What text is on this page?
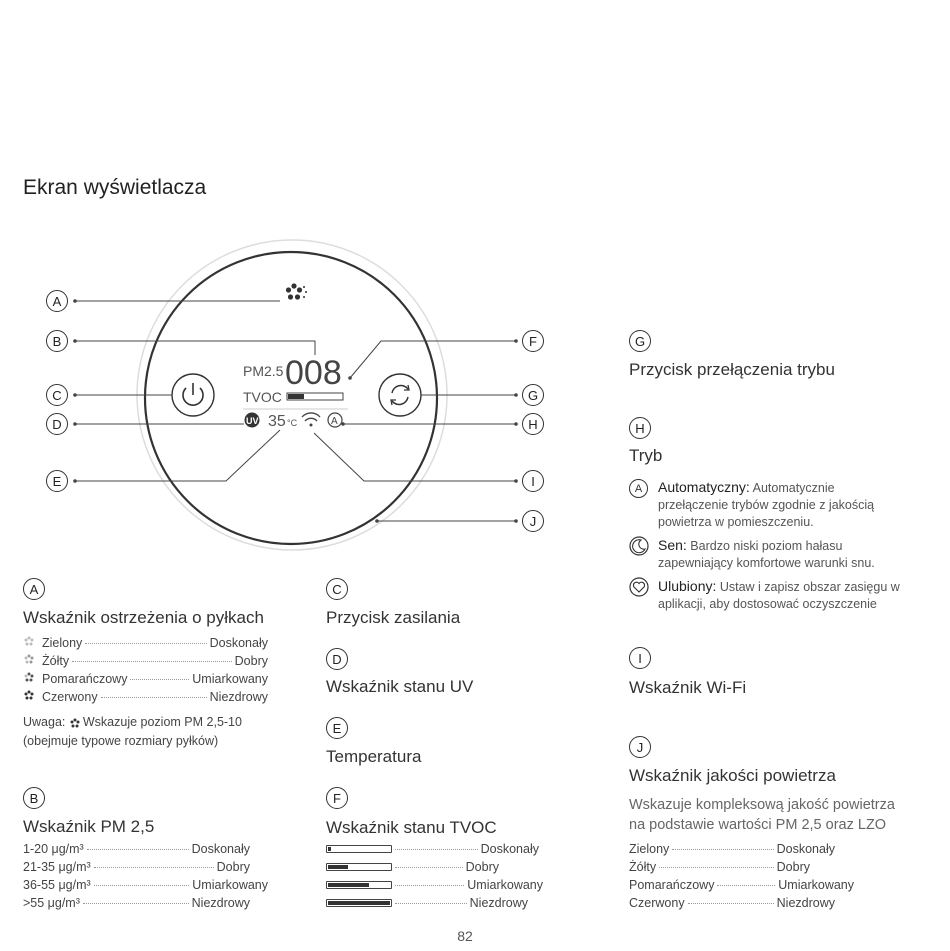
Ekran wyświetlacza
PM2.5 008
TVOC
UV 35 °C	A
A
B
C
D
E
F
G
H
I
J
A
Wskaźnik ostrzeżenia o pyłkach
Zielony	Doskonały
Żółty	Dobry
Pomarańczowy	Umiarkowany
Czerwony	Niezdrowy
Uwaga: Wskazuje poziom PM 2,5-10
(obejmuje typowe rozmiary pyłków)
B
Wskaźnik PM 2,5
1-20 μg/m³	Doskonały
21-35 μg/m³	Dobry
36-55 μg/m³	Umiarkowany
>55 μg/m³	Niezdrowy
C
Przycisk zasilania
D
Wskaźnik stanu UV
E
Temperatura
F
Wskaźnik stanu TVOC
Doskonały
Dobry
Umiarkowany
Niezdrowy
G
Przycisk przełączenia trybu
H
Tryb
A	Automatyczny: Automatycznie
przełączenie trybów zgodnie z jakością
powietrza w pomieszczeniu.
Sen: Bardzo niski poziom hałasu
zapewniający komfortowe warunki snu.
Ulubiony: Ustaw i zapisz obszar zasięgu w
aplikacji, aby dostosować oczyszczenie
I
Wskaźnik Wi-Fi
J
Wskaźnik jakości powietrza
Wskazuje kompleksową jakość powietrza
na podstawie wartości PM 2,5 oraz LZO
Zielony	Doskonały
Żółty	Dobry
Pomarańczowy	Umiarkowany
Czerwony	Niezdrowy
82
